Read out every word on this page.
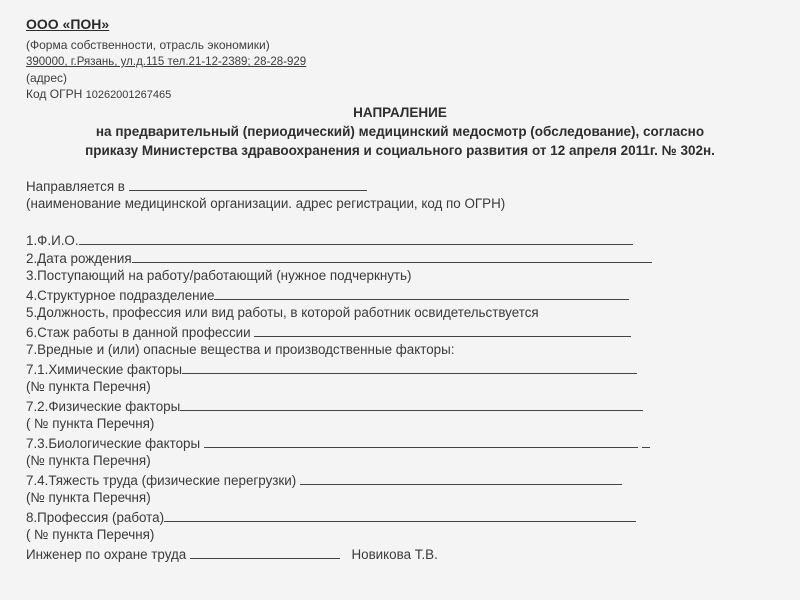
ООО «ПОН»
(Форма собственности, отрасль экономики)
390000, г.Рязань, ул.д.115 тел.21-12-2389; 28-28-929
(адрес)
Код ОГРН 10262001267465
НАПРАЛЕНИЕ
на предварительный (периодический) медицинский медосмотр (обследование), согласно
приказу Министерства здравоохранения и социального развития от 12 апреля 2011г. № 302н.
Направляется в
(наименование медицинской организации. адрес регистрации, код по ОГРН)
1.Ф.И.О.
2.Дата рождения
3.Поступающий на работу/работающий (нужное подчеркнуть)
4.Структурное подразделение
5.Должность, профессия или вид работы, в которой работник освидетельствуется
6.Стаж работы в данной профессии
7.Вредные и (или) опасные вещества и производственные факторы:
7.1.Химические факторы
(№ пункта Перечня)
7.2.Физические факторы
( № пункта Перечня)
7.3.Биологические факторы
(№ пункта Перечня)
7.4.Тяжесть труда (физические перегрузки)
(№ пункта Перечня)
8.Профессия (работа)
( № пункта Перечня)
Инженер по охране труда	Новикова Т.В.
